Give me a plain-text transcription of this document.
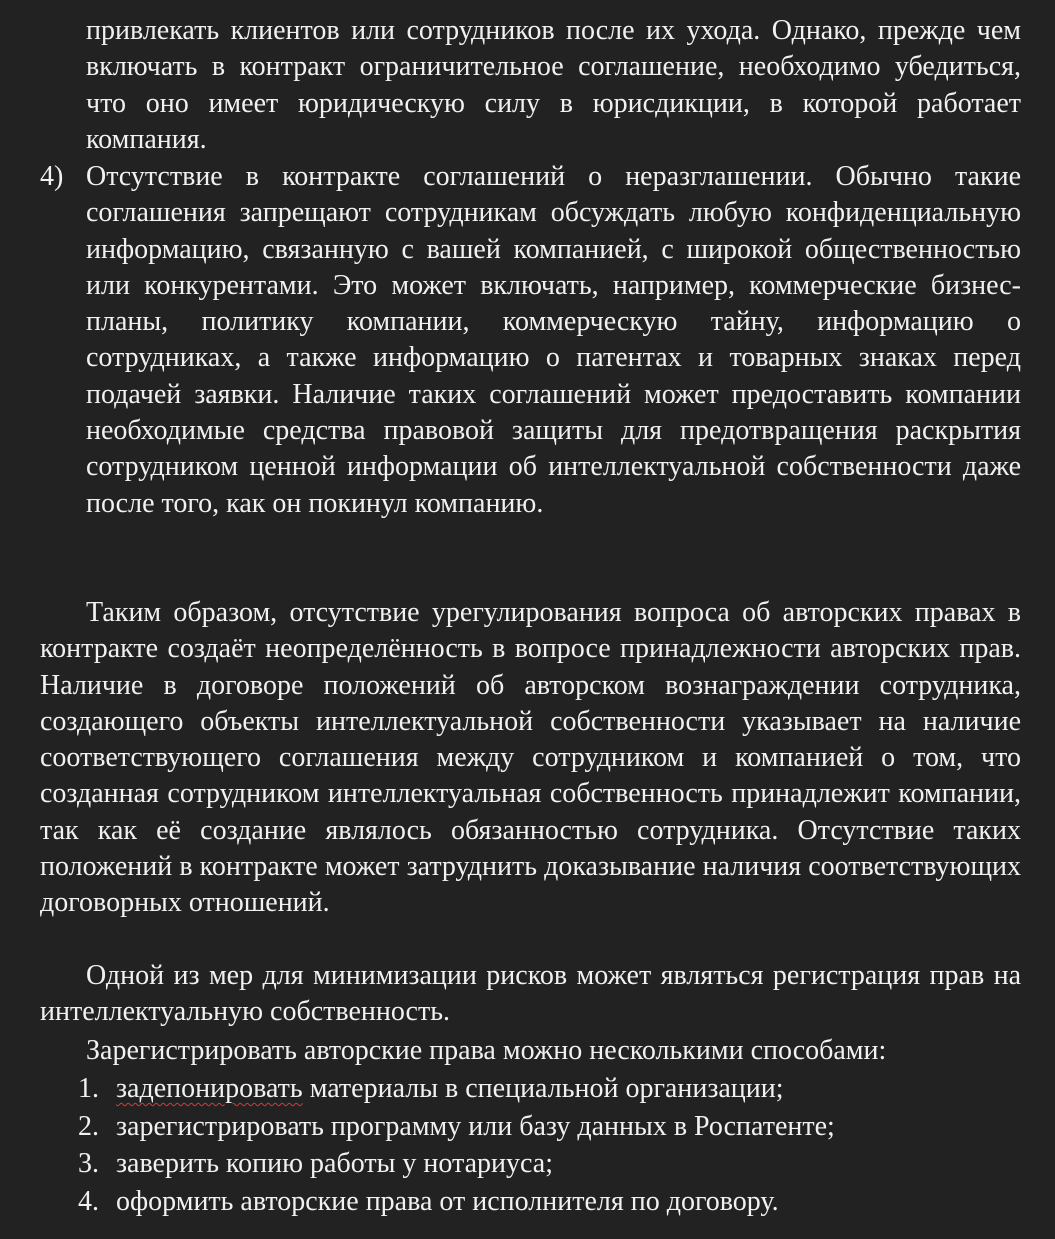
привлекать клиентов или сотрудников после их ухода. Однако, прежде чем включать в контракт ограничительное соглашение, необходимо убедиться, что оно имеет юридическую силу в юрисдикции, в которой работает компания.

4) Отсутствие в контракте соглашений о неразглашении. Обычно такие соглашения запрещают сотрудникам обсуждать любую конфиденциальную информацию, связанную с вашей компанией, с широкой общественностью или конкурентами. Это может включать, например, коммерческие бизнес-планы, политику компании, коммерческую тайну, информацию о сотрудниках, а также информацию о патентах и товарных знаках перед подачей заявки. Наличие таких соглашений может предоставить компании необходимые средства правовой защиты для предотвращения раскрытия сотрудником ценной информации об интеллектуальной собственности даже после того, как он покинул компанию.

Таким образом, отсутствие урегулирования вопроса об авторских правах в контракте создаёт неопределённость в вопросе принадлежности авторских прав. Наличие в договоре положений об авторском вознаграждении сотрудника, создающего объекты интеллектуальной собственности указывает на наличие соответствующего соглашения между сотрудником и компанией о том, что созданная сотрудником интеллектуальная собственность принадлежит компании, так как её создание являлось обязанностью сотрудника. Отсутствие таких положений в контракте может затруднить доказывание наличия соответствующих договорных отношений.

Одной из мер для минимизации рисков может являться регистрация прав на интеллектуальную собственность.

Зарегистрировать авторские права можно несколькими способами:
1. задепонировать материалы в специальной организации;
2. зарегистрировать программу или базу данных в Роспатенте;
3. заверить копию работы у нотариуса;
4. оформить авторские права от исполнителя по договору.
